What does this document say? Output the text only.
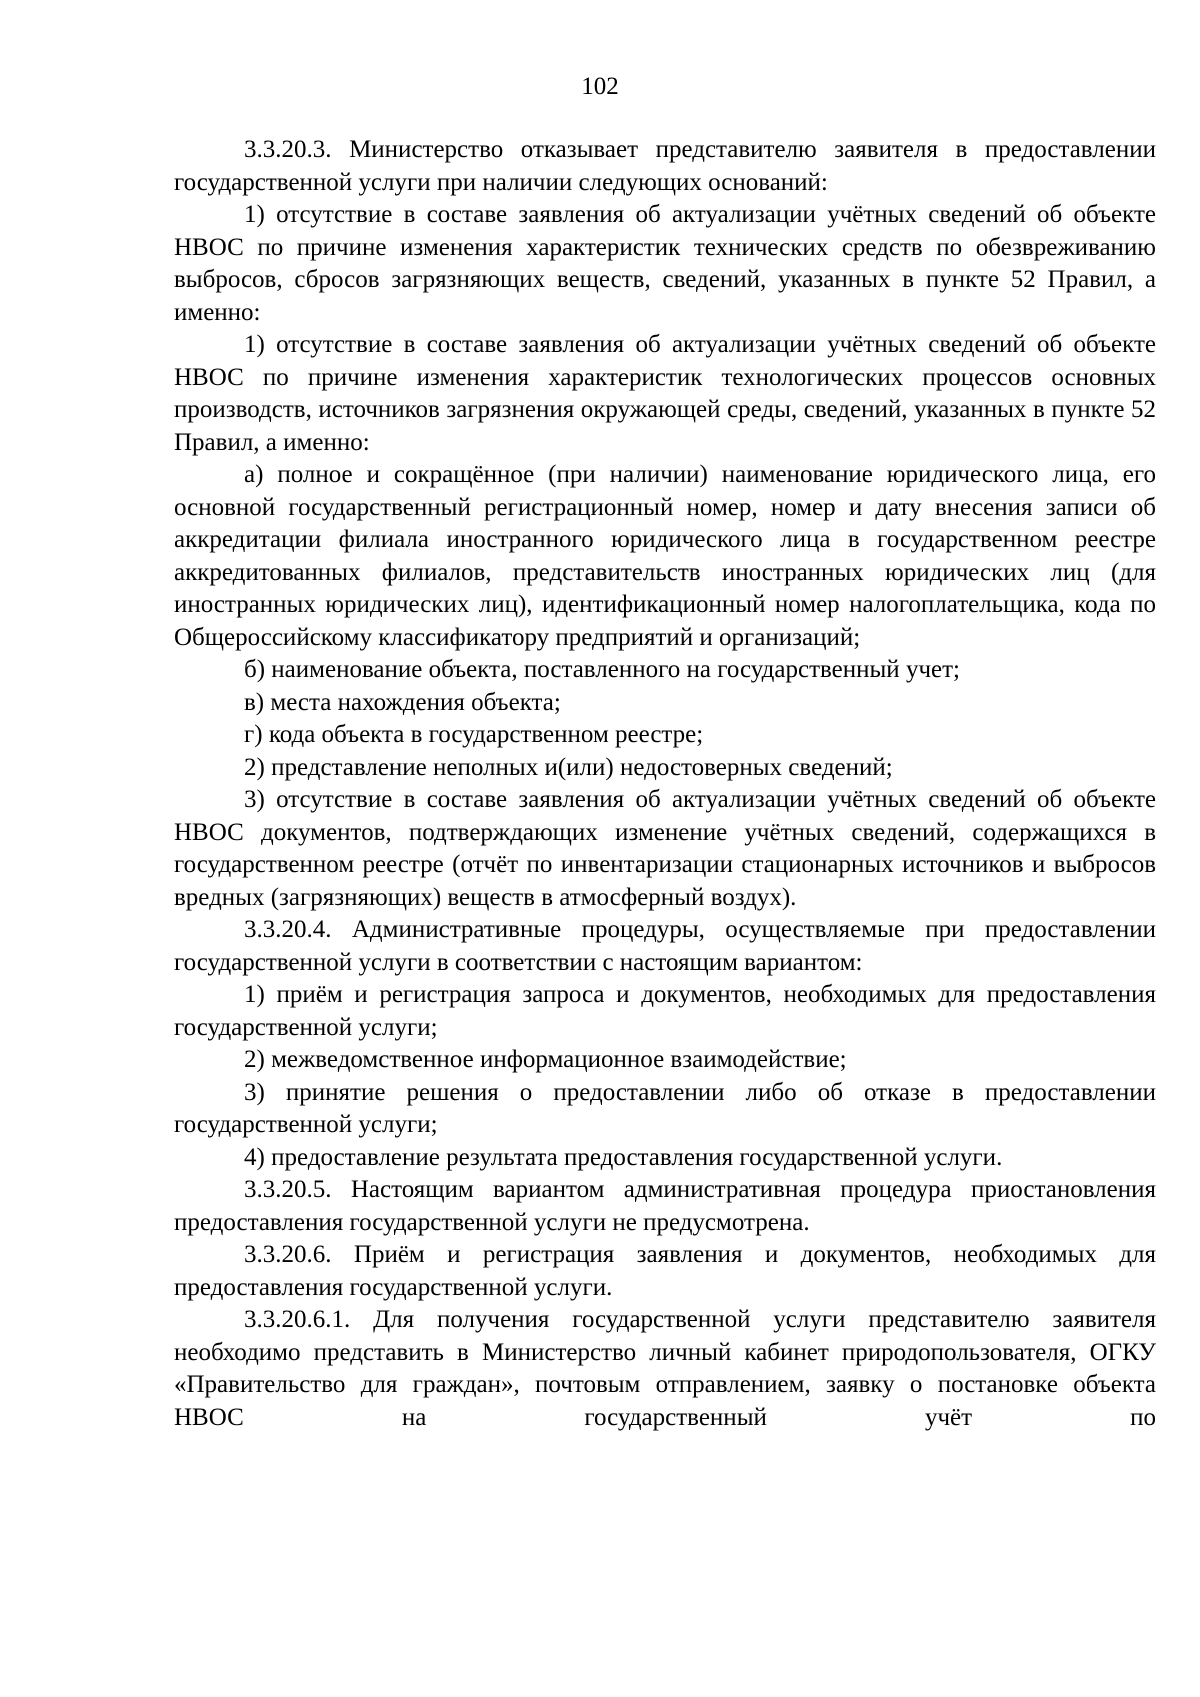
102

3.3.20.3. Министерство отказывает представителю заявителя в предоставлении государственной услуги при наличии следующих оснований:

1) отсутствие в составе заявления об актуализации учётных сведений об объекте НВОС по причине изменения характеристик технических средств по обезвреживанию выбросов, сбросов загрязняющих веществ, сведений, указанных в пункте 52 Правил, а именно:

1) отсутствие в составе заявления об актуализации учётных сведений об объекте НВОС по причине изменения характеристик технологических процессов основных производств, источников загрязнения окружающей среды, сведений, указанных в пункте 52 Правил, а именно:

а) полное и сокращённое (при наличии) наименование юридического лица, его основной государственный регистрационный номер, номер и дату внесения записи об аккредитации филиала иностранного юридического лица в государственном реестре аккредитованных филиалов, представительств иностранных юридических лиц (для иностранных юридических лиц), идентификационный номер налогоплательщика, кода по Общероссийскому классификатору предприятий и организаций;

б) наименование объекта, поставленного на государственный учет;

в) места нахождения объекта;

г) кода объекта в государственном реестре;

2) представление неполных и(или) недостоверных сведений;

3) отсутствие в составе заявления об актуализации учётных сведений об объекте НВОС документов, подтверждающих изменение учётных сведений, содержащихся в государственном реестре (отчёт по инвентаризации стационарных источников и выбросов вредных (загрязняющих) веществ в атмосферный воздух).

3.3.20.4. Административные процедуры, осуществляемые при предоставлении государственной услуги в соответствии с настоящим вариантом:

1) приём и регистрация запроса и документов, необходимых для предоставления государственной услуги;

2) межведомственное информационное взаимодействие;

3) принятие решения о предоставлении либо об отказе в предоставлении государственной услуги;

4) предоставление результата предоставления государственной услуги.

3.3.20.5. Настоящим вариантом административная процедура приостановления предоставления государственной услуги не предусмотрена.

3.3.20.6. Приём и регистрация заявления и документов, необходимых для предоставления государственной услуги.

3.3.20.6.1. Для получения государственной услуги представителю заявителя необходимо представить в Министерство личный кабинет природопользователя, ОГКУ «Правительство для граждан», почтовым отправлением, заявку о постановке объекта НВОС на государственный учёт по
